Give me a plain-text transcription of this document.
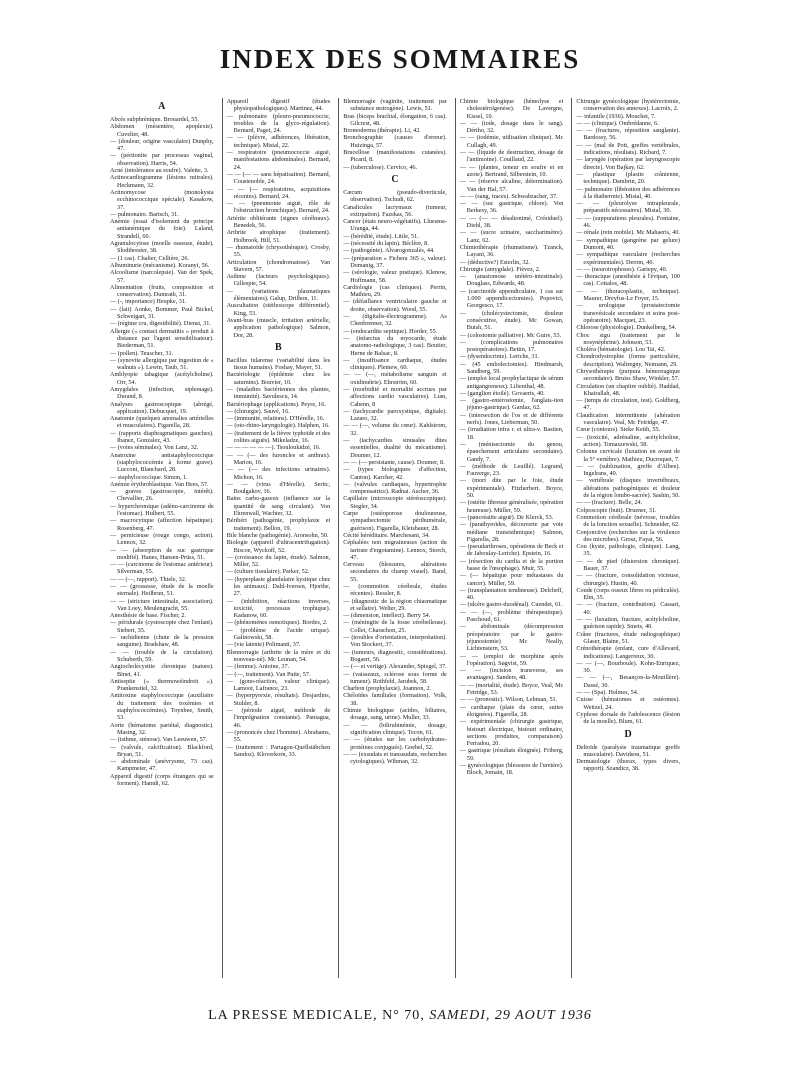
INDEX DES SOMMAIRES

A

Abcès subphrénique. Brouardel, 55.

Abdomen (mésentère, apoplexie). Cuvelier, 48.

— (douleur, origine vasculaire) Dunphy, 47.

— (péritonite par processus vaginal, observation). Harris, 54.

Acné (intolérance au soufre). Valette, 3.

Actinocardiogramme (lésions mitrales). Heckmann, 32.

Actinomycose (monokysta ecchinococcique spéciale). Kasakow, 37.

— pulmonaire. Bartsch, 31.

Anémie (essai d'isolement du principe antianémique du foie). Laland, Strandell, 60.

Agranulocytose (moelle osseuse, étude). Slodthrester, 38.

— (1 cas). Chalier, Cellière, 26.

Albuminurie (mécanisme). Koranyi, 56.

Alcoolisme (narcolepsie). Van der Spek, 57.

Alimentation (fruits, composition et conservation). Dumrath, 31.

— (-, importance) Heupke, 31.

— (lait) Aonke, Bommer, Paul Bickel, Schweigart, 31.

— (régime cru, digestibilité). Dienst, 31.

Allergie (« contact dermatitis » produit à distance par l'agent sensibilisateur). Biederman, 51.

— (pollen). Teuscher, 31.

— (synovite allergique par ingestion de « walnuts »). Lewin, Taub, 51.

Amblyopie tabagique (acétylcholine). Orr, 54.

Amygdales (infection, siphonage). Durand, 8.

Analyses gastroscopique (abrégé, application). Debucquet, 19.

Anatomie (quelques anomalies artérielles et musculaires). Figarella, 28.

— (rapports diaphragmatiques gauches). Ibanez, Gonzalez, 43.

— (voies séminales). Von Lanz, 32.

Anatoxine antistaphylococcique (staphylococcémie à forme grave). Lucconi, Blanchard, 28.

— staphylococcique. Simon, 1.

Anémie érythroblastique. Van Hees, 57.

— graves (gastroscopie, intérêt). Chevallier, 26.

— hyperchromique (adéno-carcinome de l'estomac). Hulbert, 55.

— macrocytique (affection hépatique). Rosenberg, 47.

— pernicieuse (rouge congo, action). Lennox, 32.

— — (absorption de suc gastrique modifié). Hanes, Hansen-Prüss, 51.

— — (carcinome de l'estomac antérieur). Silverman, 55.

— — (—, rapport). Thiele, 32.

— — (grossesse, étude de la moelle sternale). Heilbrun, 51.

— — (stricture intestinale, association). Van Loey, Meulengracht, 55.

Anesthésie de base. Fischer, 2.

— péridurale (cystoscopie chez l'enfant). Siebert, 35.

— rachidienne (chute de la pression sanguine). Bradshaw, 48.

— — (trouble de la circulation). Schuberth, 59.

Angiocholécystite chronique (nature). Binet, 41.

Antiseptie (« thermowéindreit »). Prankenstiel, 32.

Antitoxine staphylococcique (auxiliaire du traitement des toxémies et staphylococcémies). Toynbee, Smith, 53.

Aorte (hématome pariétal, diagnostic). Masing, 32.

— (isthme, sténose). Van Leeuwen, 57.

— (valvule, calcification). Blackford, Bryan, 51.

— abdominale (anévrysme, 73 cas). Kampmeier, 47.

Appareil digestif (corps étrangers qui se forment). Hamdi, 62.

Appareil digestif (études physiopathologiques). Martinez, 44.

— pulmonaire (pleuro-pneumococcie, troubles de la glyco-régulation). Bernard, Paget, 24.

— — (plèvre, adhérences, libération, technique). Mistal, 22.

— respiratoire (pneumococcie aiguë, manifestations abdominales). Bernard, 24.

— — (— — sans hépatisation). Bernard, Coustenoble, 24.

— — (— respiratoires, acquisitions récentes). Bernard, 24.

— — (pneumonie aiguë, rôle de l'obstruction bronchique). Bernard, 24.

Artérite oblitérante (signes cérébraux). Benedek, 56.

Arthrite atrophique (traitement). Holbrook, Hill, 51.

— rhumatoïde (chrysothérapie). Crosby, 55.

Articulation (chondromatose). Van Stavern, 57.

Asthme (facteurs psychologiques). Gillespie, 54.

— (variations plasmatiques élémentaires). Galup, Drilhon, 11.

Auscultation (stéthoscope différentiel). King, 53.

Avant-bras (muscle, irritation artérielle, application pathologique) Salmon, Dor, 28.

B

Bacillus tularense (variabilité dans les tissus humains). Foshay, Mayer, 51.

Bactériologie (épidémie chez les saturnins). Bouvier, 10.

— (maladies bactériennes des plantes, immunité). Savulescu, 14.

Bactériophage (applications). Peyre, 16.

— (chirurgie). Sauvé, 16.

— (immunité, relations). D'Hérelle, 16.

— (oto-rhino-laryngologie). Halphen, 16.

— (traitement de la fièvre typhoïde et des colites aiguës). Mikeladze, 16.

— — — — — —). Tsouloukidzé, 16.

— — (— des furoncles et anthrax). Marion, 16.

— — (— des infections urinaires). Michon, 16.

— — (virus d'Hérelle). Sertic, Boulgakov, 16.

Bains carbo-gazeux (influence sur la quantité de sang circulant). Von Ehrenwall, Wachter, 32.

Béribéri (pathogénie, prophylaxie et traitement). Bellon, 19.

Bile blanche (pathogénie). Aronsohn, 50.

Biologie (appareil d'ultracentrifugation). Biscoe, Wyckoff, 52.

— (croissance du lapin, étude). Salmon, Miller, 52.

— (culture tissulaire). Parker, 52.

— (hyperplasie glandulaire kystique chez les animaux). Dahl-Iversen, Hjorthe, 27.

— (inhibition, réactions inverses, toxicité, processus trophique). Kadanow, 60.

— (phénomènes osmotiques). Bordes, 2.

— (problème de l'acide urique). Galinowski, 58.

— (vie latente) Polimanti, 37.

Blennorragie (arthrite de la mère et du nouveau-né). Mc Leunan, 54.

— (femme). Antoine, 37.

— (—, traitement). Van Putte, 57.

— (gono-réaction, valeur clinique). Lamoot, Lafrance, 23.

— (hyperpyrexie, résultats). Desjardins, Stuhler, 8.

— (période aiguë, méthode de l'imprégnation constante). Paniagua, 46.

— (prononcée chez l'homme). Abrahams, 55.

— (traitement : Partagon-Quellstäbchen Sandoz). Kloverkorn, 33.

Blennorragie (vaginite, traitement par substance œstrogène). Lewis, 51.

Bras (biceps brachial, élongation, 6 cas). Gilcrest, 48.

Bromoderma (thérapie). Li, 42.

Bronchographie (causes d'erreur). Huizinga, 57.

Brucellose (manifestations cutanées). Picard, 8.

— (tuberculose). Cervico, 46.

C

Cæcum (pseudo-diverticule, observation). Tschudi, 62.

Canalicules lacrymaux (tumeur, extirpation). Fazekas, 56.

Cancer (états neuro-végétatifs). Lluesma-Uranga, 44.

— (hérédité, étude). Little, 51.

— (nécessité du lapin). Béclère, 8.

— (pathogénie). Alvarogonzalès, 44.

— (préparation « Fichera 365 », valeur). Domanig, 37.

— (sérologie, valeur pratique). Klenow, Hoffmann, 58.

Cardiologie (cas cliniques). Perrin, Mathieu, 29.

— (défaillance ventriculaire gauche et droite, observation). Wood, 55.

— (digitalis-électrogramme). As Chenbrenner, 32.

— (endocardite septique). Horder, 55.

— (infarctus du myocarde, étude anatomo-radiologique, 3 cas). Boutier, Herne de Balsac, 8.

— (insuffisance cardiaque, études cliniques). Pletnew, 60.

— — (—, métabolisme sanguin et oxidimétrie). Ehrström, 60.

— (morbidité et mortalité accrues par affections cardio vasculaires). Lian, Cahenn, 8

— (tachycardie paroxystique, digitale). Lazaro, 32.

— — (—, volume du cœur). Kahlstrom, 32.

— (tachycardies sinusales dites essentielles, dualité du mécanisme). Doumer, 12.

— — (— persistante, cause). Doumer, 8.

— (types biologiques d'affection, Canton). Karcher, 42.

— (valvules cardiaques, hypertrophie compensatrice). Radnai. Ascher, 36.

Capillaire (microscopie stéréoscopique). Siegler, 34.

Carpe (ostéoporose douloureuse, sympathectomie périhumérale, guérison). Figarella, Kleisbauer, 28.

Cécité héréditaire. Marchesani, 34.

Céphalées non migraineuses (action du tartrate d'ergotamine). Lennox, Storch, 47.

Cerveau (blessures, altérations secondaires du champ visuel). Band, 55.

— (commotion cérébrale, études récentes). Ressler, 8.

— (diagnostic de la région chiasmatique et sellaire). Welter, 29.

— (dimension, intellect). Berry 54.

— (méningite de la fosse cérébelleuse). Collet, Charachon, 25.

— (troubles d'orientation, interprétation). Von Stockert, 37.

— (tumeurs, diagnostic, considérations). Bogaert, 56.

— (— et vertige). Alexander, Spiegel, 37.

— (vaisseaux, sclérose sous forme de tumeur). Rothfeld, Jarubek, 58.

Charbon (prophylaxie). Joannon, 2.

Chéloïdes familiales (formation). Volk, 38.

Chimie biologique (acides, biliaires, dosage, sang, urine). Muller, 33.

— — (bilirubinémie, dosage, signification clinique). Tecon, 61.

— — (études sur les carbohydrates-protéines conjugués). Goebel, 52.

— — (exsudats et transsudats, recherches cytologiques). Wihman, 32.

Chimie biologique (hémolyse et cholestérolgenèse). De Lavergne, Kissel, 10.

— — (iode, dosage dans le sang). Dértho, 32.

— — (iodémie, utilisation clinique). Mc Cullagh, 49.

— — (liquide de destruction, dosage de l'antimoine). Couillaud, 22.

— — (plantes, teneur en soufre et en azote). Bertrand, Silberstein, 10.

— — (réserve alcaline, détermination). Van der Hal, 57.

— — (sang, traces). Schwabzacher, 37.

— — (suc gastrique, chlore). Von Berkesy, 36.

— — (— — désaltonimé, Crésiduel). Diehl, 38.

— — (sucre urinaire, saccharimètre). Lanz, 62.

Chimiothérapie (rhumatisme). Tzanck, Layani, 36.

— (déductive?) Esterlin, 32.

Chirurgie (amygdale). Fièvez, 2.

— (anastomose urétéro-intestinale). Douglass, Edwards, 48.

— (carcinoïde appendiculaire, 1 cas sur 1.000 appendicectomies). Popovici, Georgesco, 17.

— (cholécystectomie, douleur consécutive, étude). Mc Gowan, Butsh, 51.

— (colostomie palliative). Mc Guire, 53.

— (complications pulmonaires postopératoires). Bettin, 17.

— (dysendocrinie). Leriche, 31.

— (45 embolectomies). Hindmarsh, Sandberg, 59.

— (emploi local prophylactique de sérum antigangreneux). Lilienthal, 48.

— (ganglion étoilé). Govaerts, 40.

— (gastro-entérostomie, l'anglais-tion jéjuno-gastrique). Gardaz, 62.

— (intersection de l'os et de différents nerfs). Jones, Lieberman, 50.

— (irradiation infra r. et ultra-v. Bastien, 18.

— (ménisectomie du genou, épanchement articulaire secondaire). Gandy, 7.

— (méthode de Leuillé). Legrand, Fauverge, 23.

— (mort dite par le foie, étude expérimentale). Fitzherbert. Boyce, 50.

— (ostéite fibreuse généralisée, opération heureuse). Müller, 59.

— (pancréatite aiguë). De Klerck, 53.

— (parathyroïdes, découverte par voie médiane transisthmique) Salmon, Figarella, 28.

— (pseudarthroses, opérations de Beck et de Jaboulay-Leriche). Epstein, 16.

— (résection du cardia et de la portion basse de l'œsophage). Muir, 55.

— (— hépatique pour métastases du cancer). Müller, 59.

— (transplantation tendineuse). Delcheff, 40.

— (ulcère gastro-duodénal). Cuendet, 61.

— — (—, problème thérapeutique). Paschoud, 61.

— abdominale (décompression préopératoire par le gastro-jéjunostomie) Mc Neally, Lichtenstern, 53.

— — (emploi de morphine après l'opération). Søgvist, 59.

— — (incision transverse, ses avantages). Sanders, 48.

— — (mortalité, étude). Boyce, Veal, Mc Fetridge, 53.

— — (pronostic). Wilson, Lehman, 51.

— cardiaque (plaie du cœur, suites éloignées). Figarella, 28.

— expérimentale (chirurgie gastrique, bistouri électrique, bistouri ordinaire, sections produites, comparaison). Ferradou, 20.

— gastrique (résultats éloignés). Friberg, 59.

— gynécologique (blessures de l'uretère). Bloch, Jomain, 18.

Chirurgie gynécologique (hystérectomie, conservation des annexes). Lacroix, 2.

— infantile (1936). Mouchet, 7.

— — (clinique). Ombrédanne, 6.

— — (fractures, réposition sanglante). Bardossy, 56.

— — (mal de Pott, greffes vertébrales, indications, résultats). Richard, 7.

— laryngée (opération par laryngoscopie directe). Von Bajkay, 62.

— plastique (plastie crânienne, technique). Dambrin, 20.

— pulmonaire (libération des adhérences à la diathermie). Mistal, 40.

— — (pleurolyse intrapleurale, préparatifs nécessaires). Mistal, 30.

— — (suppurations pleurales). Fontaine, 46.

— rénale (rein mobile). Mc Mahaeris, 40.

— sympathique (gangrène par gelure) Dumont, 40.

— sympathique vasculaire (recherches expérimentales). Derom, 40.

— — (neurotrophoses). Gariepy, 40.

— thoracique (anesthésie à l'évipan, 100 cas). Cottalos, 48.

— — (thoracoplastie, technique). Maurer, Dreyfus-Le Foyer, 15.

— urologique (prostatectomie transvésicale secondaire et soins post-opératoire). Macquet, 23.

Chlorose (physiologie). Dunkelberg, 54.

Choc sigu (traitement par le nosynéphrine). Johnson, 53.

Choléra (hématologie). Loo Tai, 42.

Chondrodystrophie (forme particulière, description). Waltregny, Neimann, 29.

Chrysothérapie (purpura hémorragique secondaire). Bruiss Shaw, Winkler, 57.

Circulation (un chapitre oublié). Haddad, Khairallah, 48.

— (temps de circulation, test). Goldberg, 47.

Claudication intermittente (altération vasculaire). Veal, Mc Fetridge, 47.

Cœur (contours). Sieke Keith, 55.

— (toxicité, adrénaline, acétylcholine, action). Tomaszewski, 58.

Colonne cervicale (luxation en avant de la 5° vertèbre). Mathieu, Ducroquet, 7.

— — (subluxation, greffe d'Albee). Ingelrans, 40.

— vertébrale (disques invertébraux, altérations pathogéniques et douleur de la région lombo-sacrée). Sashin, 50.

— — (fracture). Belle, 24.

Colposcopie (butt). Druener, 31.

Commotion cérébrale (névrose, troubles de la fonction sexuelle). Schneider, 62.

Conjonctive (recherches sur la virulence des microbes). Grosz, Fayat, 56.

Cou (kyste, pathologie, clinique). Lang, 35.

— — de pied (distorsion chronique). Bauer, 37.

— — (fracture, consolidation vicieuse, chirurgie). Hustin, 40.

Coude (corps osseux libres ou pédiculés). Ehn, 35.

— — (fracture, contribution). Cassart, 40.

— — (luxation, fracture, acétylcholine, guérison rapide). Smets, 40.

Crâne (fractures, étude radiographique) Glaser, Blaine, 51.

Crénothérapie (enfant, cure d'Allevard, indications). Langerreux, 30.

— — (—, Bourboule). Kohn-Enriquez, 30.

— — (—, Besançon-la-Mouillère). Dassé, 30.

— — (Spa). Holmes, 54.

Cuisse (hématomes et ostéomes). Weitzel, 24.

Cyphose dorsale de l'adolescence (lésion de la moelle). Blum, 61.

D

Deltoïde (paralysie traumatique greffe musculaire). Davidson, 51.

Dermatologie (thorax, types divers, rapport). Szandicz, 38.

LA PRESSE MEDICALE, N° 70, SAMEDI, 29 AOUT 1936
